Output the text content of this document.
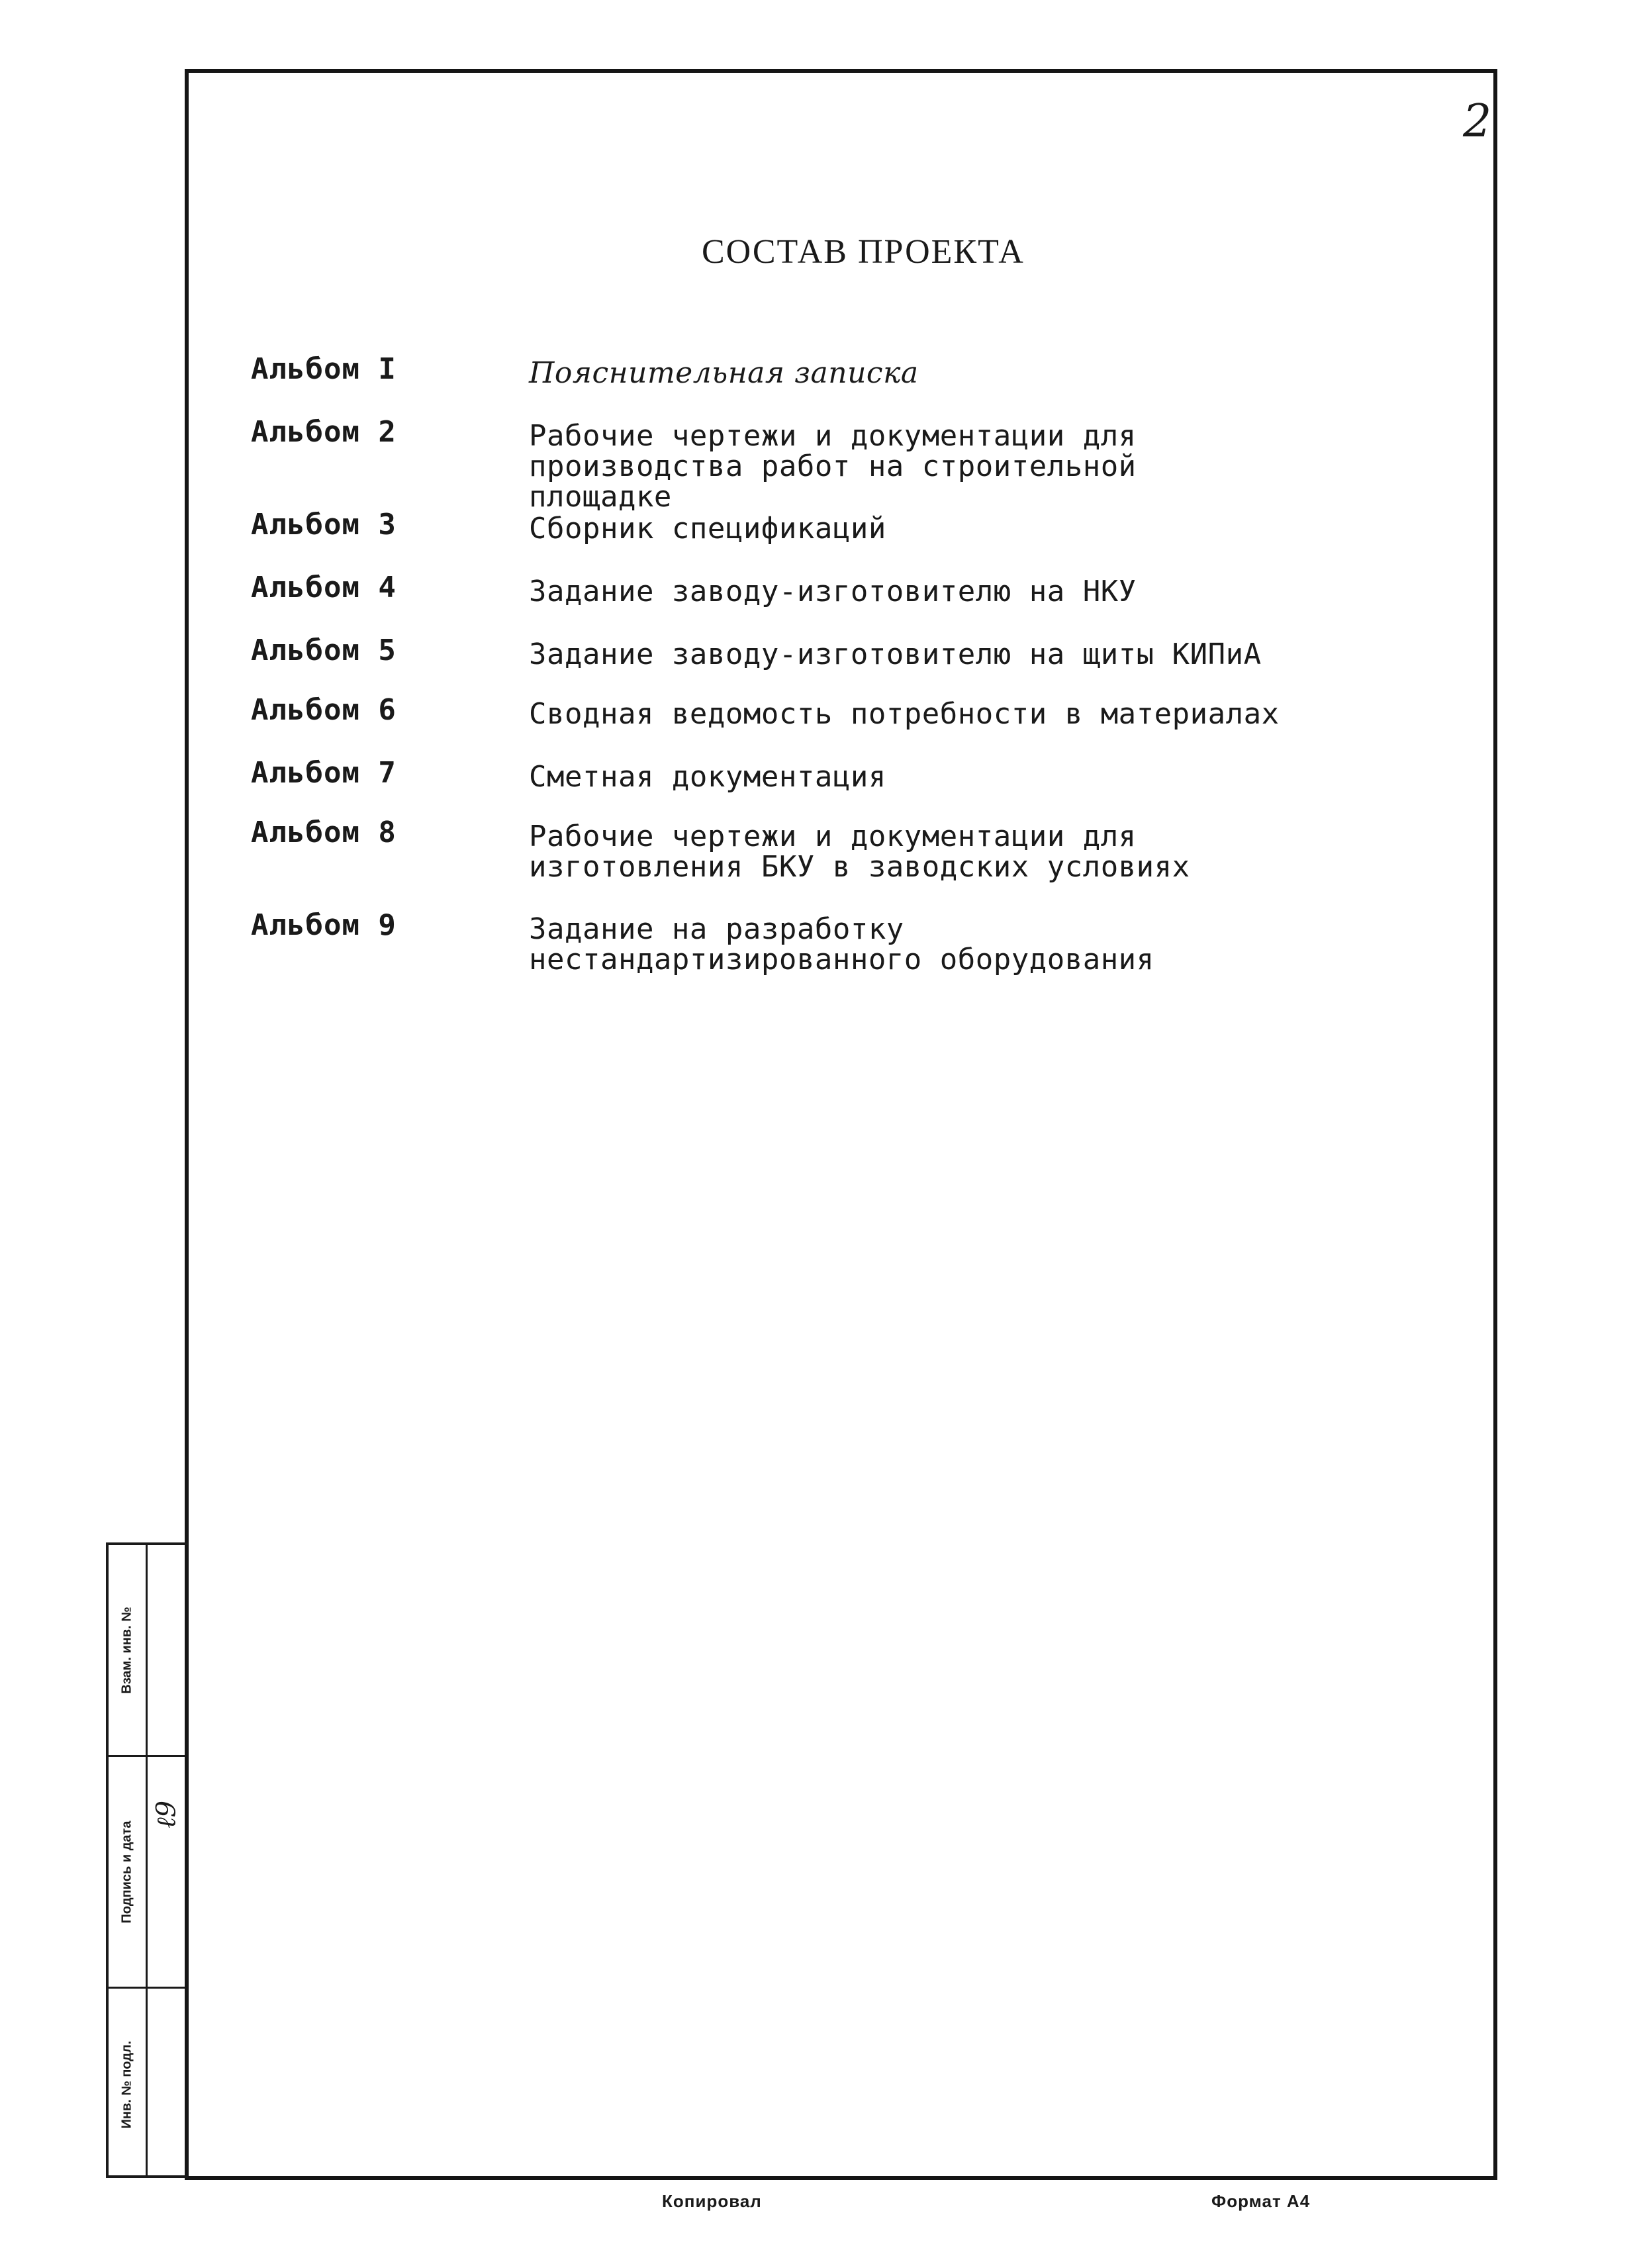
2
СОСТАВ ПРОЕКТА
Альбом I	Пояснительная записка
Альбом 2	Рабочие чертежи и документации для производства работ на строительной площадке
Альбом 3	Сборник спецификаций
Альбом 4	Задание заводу-изготовителю на НКУ
Альбом 5	Задание заводу-изготовителю на щиты КИПиА
Альбом 6	Сводная ведомость потребности в материалах
Альбом 7	Сметная документация
Альбом 8	Рабочие чертежи и документации для изготовления БКУ в заводских условиях
Альбом 9	Задание на разработку нестандартизированного оборудования
Взам. инв. №
Подпись и дата
Инв. № подл.
ℓ9
Копировал	Формат А4
